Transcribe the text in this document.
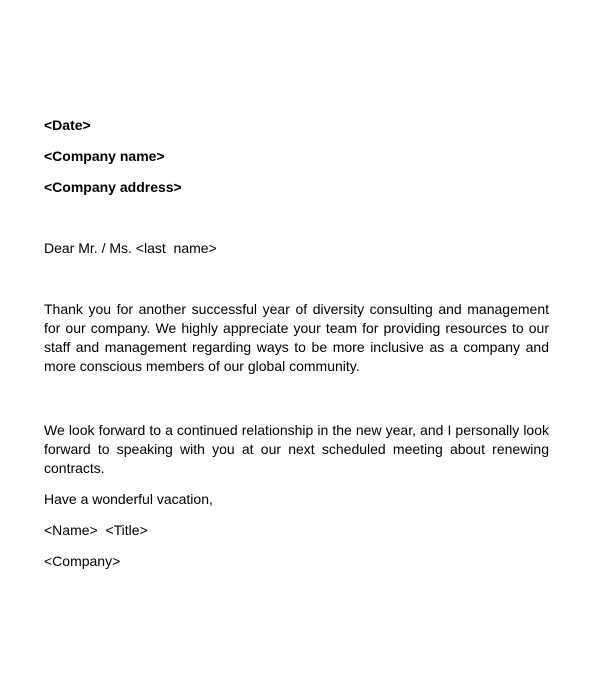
<Date>
<Company name>
<Company address>
Dear Mr. / Ms. <last  name>
Thank you for another successful year of diversity consulting and management for our company. We highly appreciate your team for providing resources to our staff and management regarding ways to be more inclusive as a company and more conscious members of our global community.
We look forward to a continued relationship in the new year, and I personally look forward to speaking with you at our next scheduled meeting about renewing contracts.
Have a wonderful vacation,
<Name>  <Title>
<Company>
